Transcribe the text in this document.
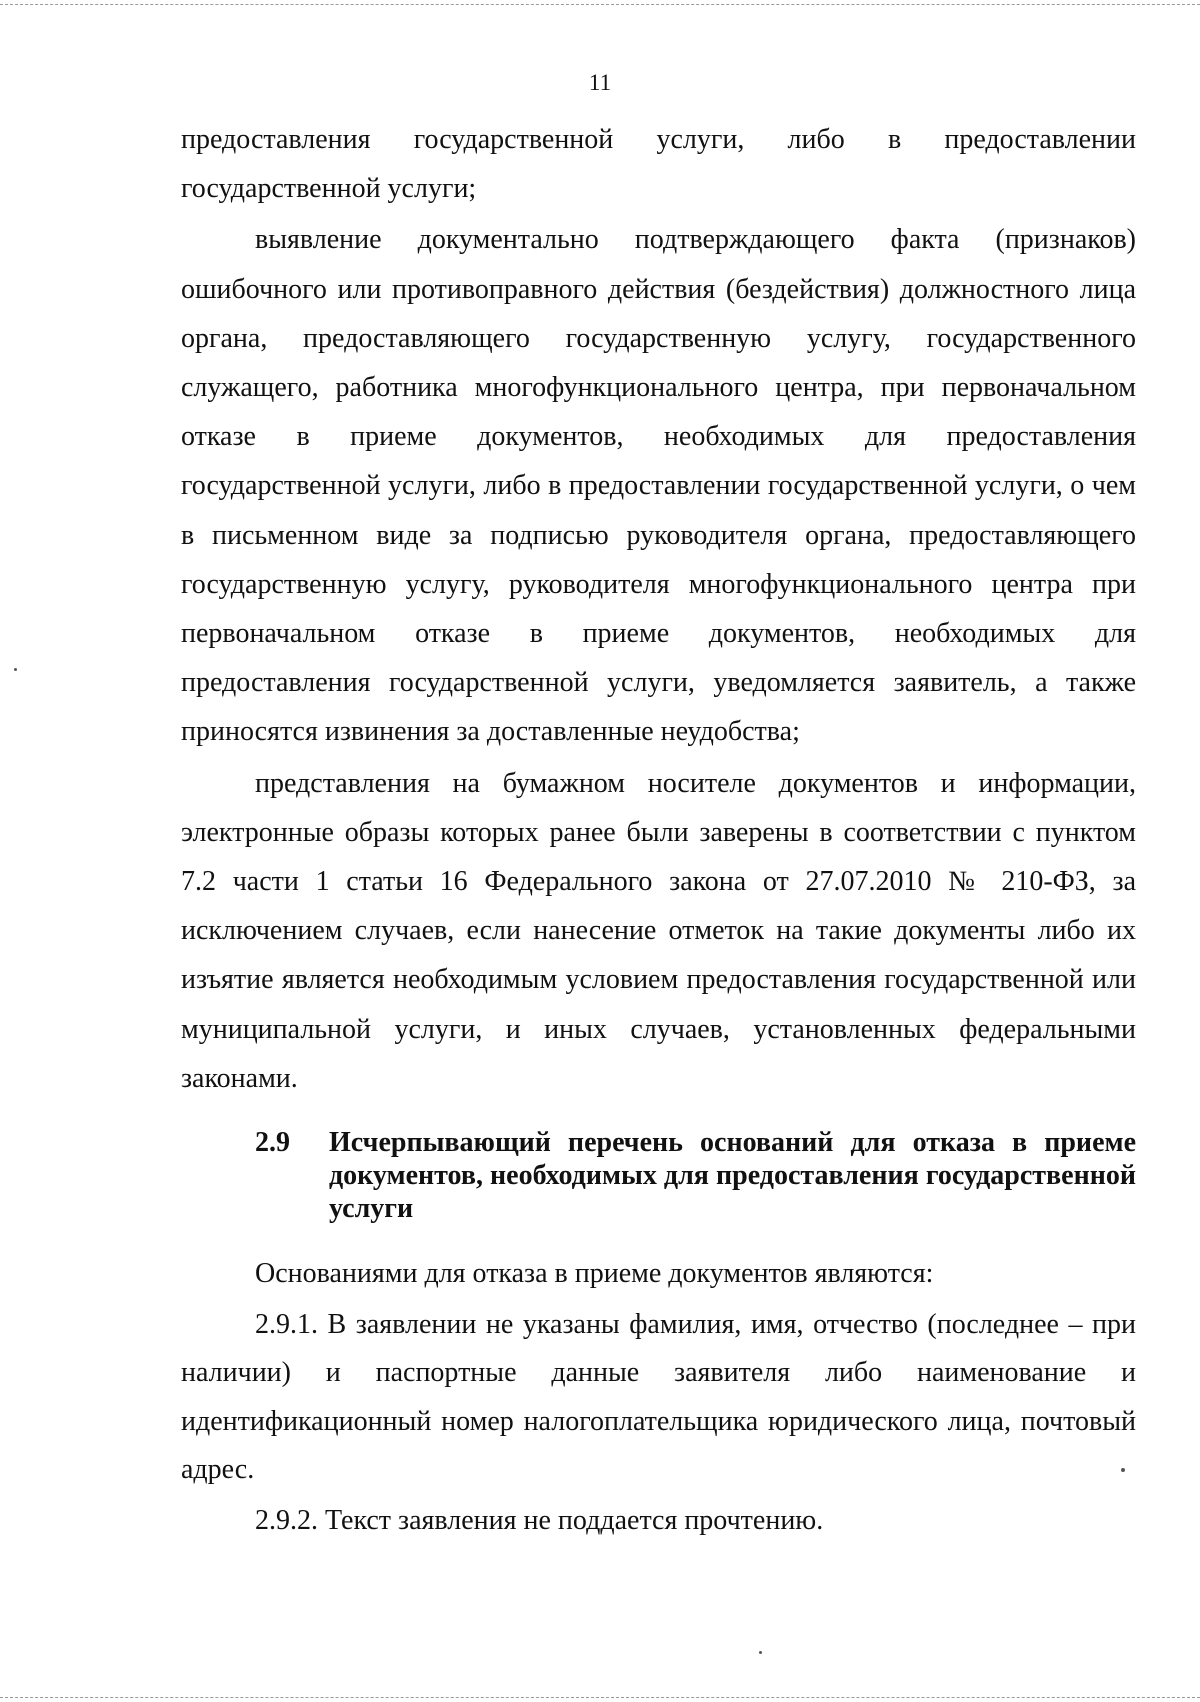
11

предоставления государственной услуги, либо в предоставлении государственной услуги;

выявление документально подтверждающего факта (признаков) ошибочного или противоправного действия (бездействия) должностного лица органа, предоставляющего государственную услугу, государственного служащего, работника многофункционального центра, при первоначальном отказе в приеме документов, необходимых для предоставления государственной услуги, либо в предоставлении государственной услуги, о чем в письменном виде за подписью руководителя органа, предоставляющего государственную услугу, руководителя многофункционального центра при первоначальном отказе в приеме документов, необходимых для предоставления государственной услуги, уведомляется заявитель, а также приносятся извинения за доставленные неудобства;

представления на бумажном носителе документов и информации, электронные образы которых ранее были заверены в соответствии с пунктом 7.2 части 1 статьи 16 Федерального закона от 27.07.2010 № 210-ФЗ, за исключением случаев, если нанесение отметок на такие документы либо их изъятие является необходимым условием предоставления государственной или муниципальной услуги, и иных случаев, установленных федеральными законами.

2.9	Исчерпывающий перечень оснований для отказа в приеме документов, необходимых для предоставления государственной услуги

Основаниями для отказа в приеме документов являются:

2.9.1. В заявлении не указаны фамилия, имя, отчество (последнее – при наличии) и паспортные данные заявителя либо наименование и идентификационный номер налогоплательщика юридического лица, почтовый адрес.

2.9.2. Текст заявления не поддается прочтению.
